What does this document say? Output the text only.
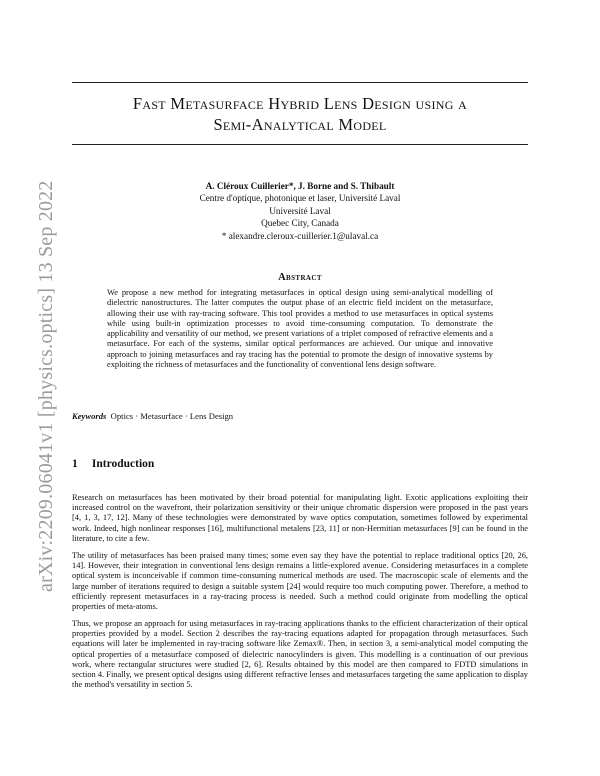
arXiv:2209.06041v1 [physics.optics] 13 Sep 2022
Fast Metasurface Hybrid Lens Design using a
Semi-Analytical Model
A. Cléroux Cuillerier*, J. Borne and S. Thibault
Centre d'optique, photonique et laser, Université Laval
Université Laval
Quebec City, Canada
* alexandre.cleroux-cuillerier.1@ulaval.ca
Abstract
We propose a new method for integrating metasurfaces in optical design using semi-analytical modelling of dielectric nanostructures. The latter computes the output phase of an electric field incident on the metasurface, allowing their use with ray-tracing software. This tool provides a method to use metasurfaces in optical systems while using built-in optimization processes to avoid time-consuming computation. To demonstrate the applicability and versatility of our method, we present variations of a triplet composed of refractive elements and a metasurface. For each of the systems, similar optical performances are achieved. Our unique and innovative approach to joining metasurfaces and ray tracing has the potential to promote the design of innovative systems by exploiting the richness of metasurfaces and the functionality of conventional lens design software.
Keywords Optics · Metasurface · Lens Design
1 Introduction
Research on metasurfaces has been motivated by their broad potential for manipulating light. Exotic applications exploiting their increased control on the wavefront, their polarization sensitivity or their unique chromatic dispersion were proposed in the past years [4, 1, 3, 17, 12]. Many of these technologies were demonstrated by wave optics computation, sometimes followed by experimental work. Indeed, high nonlinear responses [16], multifunctional metalens [23, 11] or non-Hermitian metasurfaces [9] can be found in the literature, to cite a few.
The utility of metasurfaces has been praised many times; some even say they have the potential to replace traditional optics [20, 26, 14]. However, their integration in conventional lens design remains a little-explored avenue. Considering metasurfaces in a complete optical system is inconceivable if common time-consuming numerical methods are used. The macroscopic scale of elements and the large number of iterations required to design a suitable system [24] would require too much computing power. Therefore, a method to efficiently represent metasurfaces in a ray-tracing process is needed. Such a method could originate from modelling the optical properties of meta-atoms.
Thus, we propose an approach for using metasurfaces in ray-tracing applications thanks to the efficient characterization of their optical properties provided by a model. Section 2 describes the ray-tracing equations adapted for propagation through metasurfaces. Such equations will later be implemented in ray-tracing software like Zemax®. Then, in section 3, a semi-analytical model computing the optical properties of a metasurface composed of dielectric nanocylinders is given. This modelling is a continuation of our previous work, where rectangular structures were studied [2, 6]. Results obtained by this model are then compared to FDTD simulations in section 4. Finally, we present optical designs using different refractive lenses and metasurfaces targeting the same application to display the method's versatility in section 5.
